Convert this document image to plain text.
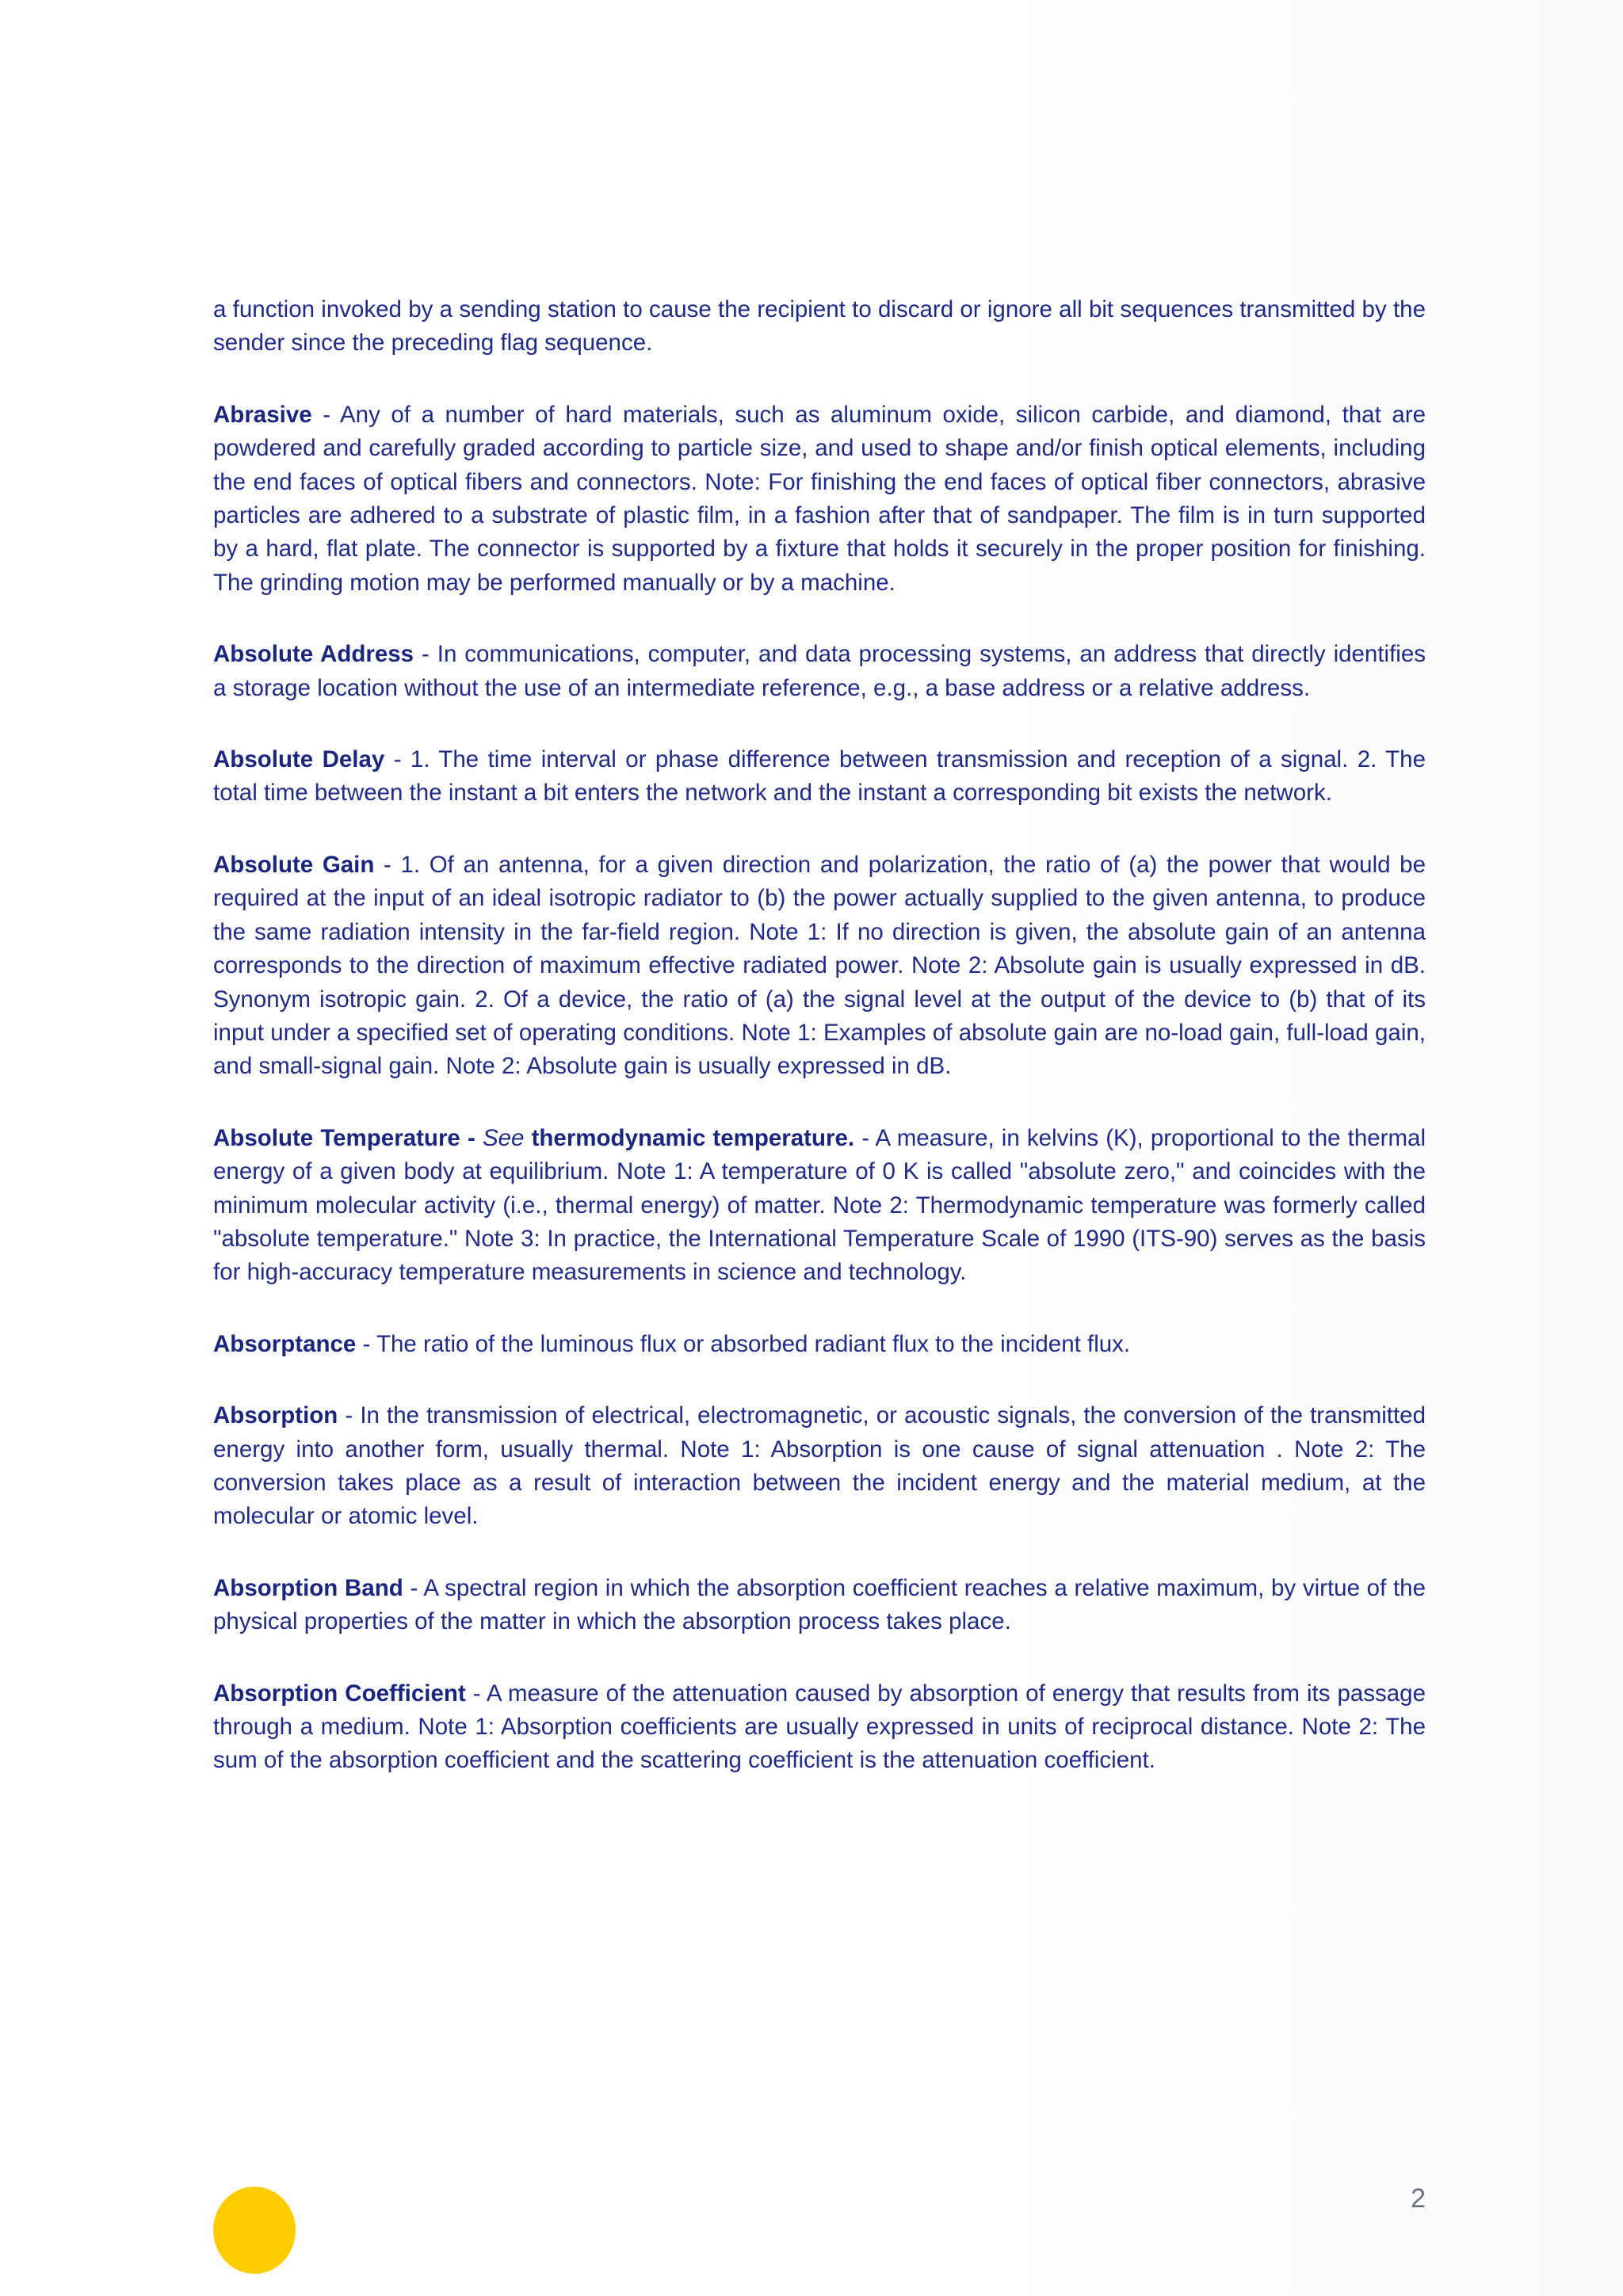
a function invoked by a sending station to cause the recipient to discard or ignore all bit sequences transmitted by the sender since the preceding flag sequence.

Abrasive - Any of a number of hard materials, such as aluminum oxide, silicon carbide, and diamond, that are powdered and carefully graded according to particle size, and used to shape and/or finish optical elements, including the end faces of optical fibers and connectors. Note: For finishing the end faces of optical fiber connectors, abrasive particles are adhered to a substrate of plastic film, in a fashion after that of sandpaper. The film is in turn supported by a hard, flat plate. The connector is supported by a fixture that holds it securely in the proper position for finishing. The grinding motion may be performed manually or by a machine.

Absolute Address - In communications, computer, and data processing systems, an address that directly identifies a storage location without the use of an intermediate reference, e.g., a base address or a relative address.

Absolute Delay - 1. The time interval or phase difference between transmission and reception of a signal. 2. The total time between the instant a bit enters the network and the instant a corresponding bit exists the network.

Absolute Gain - 1. Of an antenna, for a given direction and polarization, the ratio of (a) the power that would be required at the input of an ideal isotropic radiator to (b) the power actually supplied to the given antenna, to produce the same radiation intensity in the far-field region. Note 1: If no direction is given, the absolute gain of an antenna corresponds to the direction of maximum effective radiated power. Note 2: Absolute gain is usually expressed in dB. Synonym isotropic gain. 2. Of a device, the ratio of (a) the signal level at the output of the device to (b) that of its input under a specified set of operating conditions. Note 1: Examples of absolute gain are no-load gain, full-load gain, and small-signal gain. Note 2: Absolute gain is usually expressed in dB.

Absolute Temperature - See thermodynamic temperature. - A measure, in kelvins (K), proportional to the thermal energy of a given body at equilibrium. Note 1: A temperature of 0 K is called "absolute zero," and coincides with the minimum molecular activity (i.e., thermal energy) of matter. Note 2: Thermodynamic temperature was formerly called "absolute temperature." Note 3: In practice, the International Temperature Scale of 1990 (ITS-90) serves as the basis for high-accuracy temperature measurements in science and technology.

Absorptance - The ratio of the luminous flux or absorbed radiant flux to the incident flux.

Absorption - In the transmission of electrical, electromagnetic, or acoustic signals, the conversion of the transmitted energy into another form, usually thermal. Note 1: Absorption is one cause of signal attenuation . Note 2: The conversion takes place as a result of interaction between the incident energy and the material medium, at the molecular or atomic level.

Absorption Band - A spectral region in which the absorption coefficient reaches a relative maximum, by virtue of the physical properties of the matter in which the absorption process takes place.

Absorption Coefficient - A measure of the attenuation caused by absorption of energy that results from its passage through a medium. Note 1: Absorption coefficients are usually expressed in units of reciprocal distance. Note 2: The sum of the absorption coefficient and the scattering coefficient is the attenuation coefficient.

2
